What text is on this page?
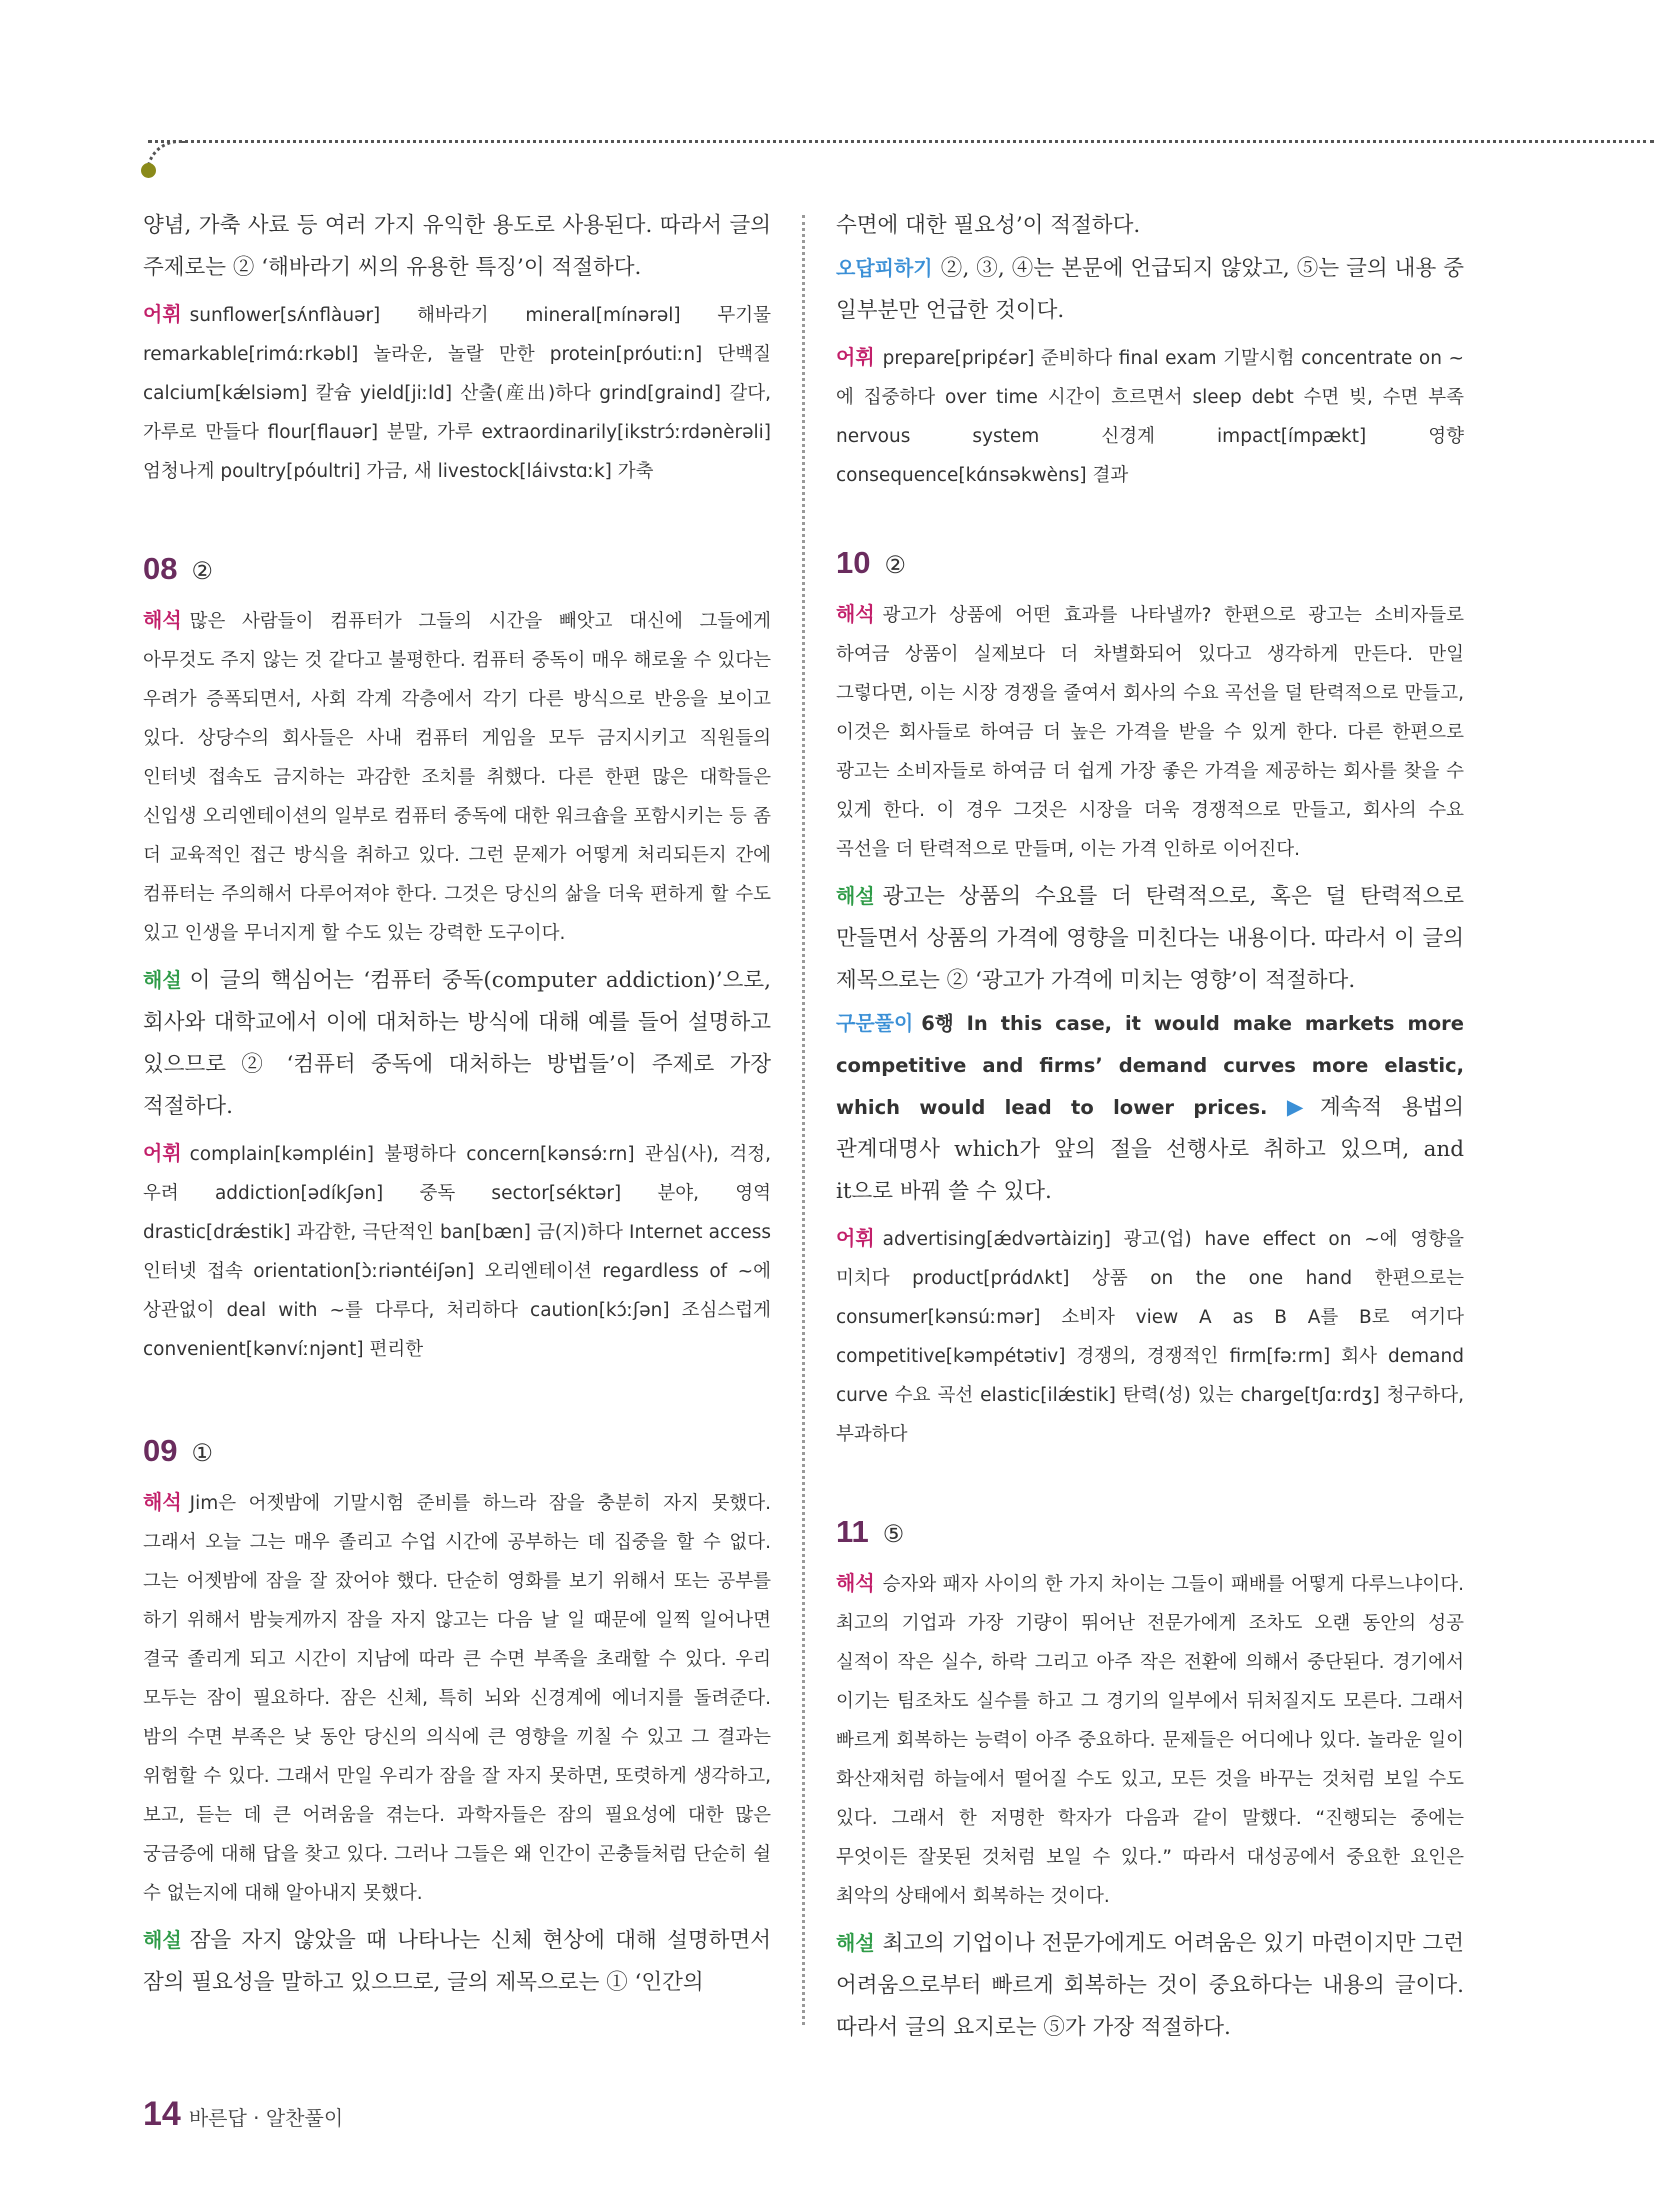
양념, 가축 사료 등 여러 가지 유익한 용도로 사용된다. 따라서 글의 주제로는 ② ‘해바라기 씨의 유용한 특징’이 적절하다.

어휘 sunflower[sʌ́nflàuər] 해바라기 mineral[mínərəl] 무기물 remarkable[rimɑ́ːrkəbl] 놀라운, 놀랄 만한 protein[próutiːn] 단백질 calcium[kǽlsiəm] 칼슘 yield[jiːld] 산출(産出)하다 grind[graind] 갈다, 가루로 만들다 flour[flauər] 분말, 가루 extraordinarily[ikstrɔ́ːrdənèrəli] 엄청나게 poultry[póultri] 가금, 새 livestock[láivstɑːk] 가축

08 ②

해석 많은 사람들이 컴퓨터가 그들의 시간을 빼앗고 대신에 그들에게 아무것도 주지 않는 것 같다고 불평한다. 컴퓨터 중독이 매우 해로울 수 있다는 우려가 증폭되면서, 사회 각계 각층에서 각기 다른 방식으로 반응을 보이고 있다. 상당수의 회사들은 사내 컴퓨터 게임을 모두 금지시키고 직원들의 인터넷 접속도 금지하는 과감한 조치를 취했다. 다른 한편 많은 대학들은 신입생 오리엔테이션의 일부로 컴퓨터 중독에 대한 워크숍을 포함시키는 등 좀 더 교육적인 접근 방식을 취하고 있다. 그런 문제가 어떻게 처리되든지 간에 컴퓨터는 주의해서 다루어져야 한다. 그것은 당신의 삶을 더욱 편하게 할 수도 있고 인생을 무너지게 할 수도 있는 강력한 도구이다.

해설 이 글의 핵심어는 ‘컴퓨터 중독(computer addiction)’으로, 회사와 대학교에서 이에 대처하는 방식에 대해 예를 들어 설명하고 있으므로 ② ‘컴퓨터 중독에 대처하는 방법들’이 주제로 가장 적절하다.

어휘 complain[kəmpléin] 불평하다 concern[kənsə́ːrn] 관심(사), 걱정, 우려 addiction[ədíkʃən] 중독 sector[séktər] 분야, 영역 drastic[drǽstik] 과감한, 극단적인 ban[bæn] 금(지)하다 Internet access 인터넷 접속 orientation[ɔ̀ːriəntéiʃən] 오리엔테이션 regardless of ~에 상관없이 deal with ~를 다루다, 처리하다 caution[kɔ́ːʃən] 조심스럽게 convenient[kənvíːnjənt] 편리한

09 ①

해석 Jim은 어젯밤에 기말시험 준비를 하느라 잠을 충분히 자지 못했다. 그래서 오늘 그는 매우 졸리고 수업 시간에 공부하는 데 집중을 할 수 없다. 그는 어젯밤에 잠을 잘 잤어야 했다. 단순히 영화를 보기 위해서 또는 공부를 하기 위해서 밤늦게까지 잠을 자지 않고는 다음 날 일 때문에 일찍 일어나면 결국 졸리게 되고 시간이 지남에 따라 큰 수면 부족을 초래할 수 있다. 우리 모두는 잠이 필요하다. 잠은 신체, 특히 뇌와 신경계에 에너지를 돌려준다. 밤의 수면 부족은 낮 동안 당신의 의식에 큰 영향을 끼칠 수 있고 그 결과는 위험할 수 있다. 그래서 만일 우리가 잠을 잘 자지 못하면, 또렷하게 생각하고, 보고, 듣는 데 큰 어려움을 겪는다. 과학자들은 잠의 필요성에 대한 많은 궁금증에 대해 답을 찾고 있다. 그러나 그들은 왜 인간이 곤충들처럼 단순히 쉴 수 없는지에 대해 알아내지 못했다.

해설 잠을 자지 않았을 때 나타나는 신체 현상에 대해 설명하면서 잠의 필요성을 말하고 있으므로, 글의 제목으로는 ① ‘인간의

수면에 대한 필요성’이 적절하다.

오답피하기 ②, ③, ④는 본문에 언급되지 않았고, ⑤는 글의 내용 중 일부분만 언급한 것이다.

어휘 prepare[pripέər] 준비하다 final exam 기말시험 concentrate on ~에 집중하다 over time 시간이 흐르면서 sleep debt 수면 빚, 수면 부족 nervous system 신경계 impact[ímpækt] 영향 consequence[kɑ́nsəkwèns] 결과

10 ②

해석 광고가 상품에 어떤 효과를 나타낼까? 한편으로 광고는 소비자들로 하여금 상품이 실제보다 더 차별화되어 있다고 생각하게 만든다. 만일 그렇다면, 이는 시장 경쟁을 줄여서 회사의 수요 곡선을 덜 탄력적으로 만들고, 이것은 회사들로 하여금 더 높은 가격을 받을 수 있게 한다. 다른 한편으로 광고는 소비자들로 하여금 더 쉽게 가장 좋은 가격을 제공하는 회사를 찾을 수 있게 한다. 이 경우 그것은 시장을 더욱 경쟁적으로 만들고, 회사의 수요 곡선을 더 탄력적으로 만들며, 이는 가격 인하로 이어진다.

해설 광고는 상품의 수요를 더 탄력적으로, 혹은 덜 탄력적으로 만들면서 상품의 가격에 영향을 미친다는 내용이다. 따라서 이 글의 제목으로는 ② ‘광고가 가격에 미치는 영향’이 적절하다.

구문풀이 6행 In this case, it would make markets more competitive and firms’ demand curves more elastic, which would lead to lower prices. ▶ 계속적 용법의 관계대명사 which가 앞의 절을 선행사로 취하고 있으며, and it으로 바꿔 쓸 수 있다.

어휘 advertising[ǽdvərtàiziŋ] 광고(업) have effect on ~에 영향을 미치다 product[prɑ́dʌkt] 상품 on the one hand 한편으로는 consumer[kənsúːmər] 소비자 view A as B A를 B로 여기다 competitive[kəmpétətiv] 경쟁의, 경쟁적인 firm[fəːrm] 회사 demand curve 수요 곡선 elastic[ilǽstik] 탄력(성) 있는 charge[tʃɑːrdʒ] 청구하다, 부과하다

11 ⑤

해석 승자와 패자 사이의 한 가지 차이는 그들이 패배를 어떻게 다루느냐이다. 최고의 기업과 가장 기량이 뛰어난 전문가에게 조차도 오랜 동안의 성공 실적이 작은 실수, 하락 그리고 아주 작은 전환에 의해서 중단된다. 경기에서 이기는 팀조차도 실수를 하고 그 경기의 일부에서 뒤처질지도 모른다. 그래서 빠르게 회복하는 능력이 아주 중요하다. 문제들은 어디에나 있다. 놀라운 일이 화산재처럼 하늘에서 떨어질 수도 있고, 모든 것을 바꾸는 것처럼 보일 수도 있다. 그래서 한 저명한 학자가 다음과 같이 말했다. “진행되는 중에는 무엇이든 잘못된 것처럼 보일 수 있다.” 따라서 대성공에서 중요한 요인은 최악의 상태에서 회복하는 것이다.

해설 최고의 기업이나 전문가에게도 어려움은 있기 마련이지만 그런 어려움으로부터 빠르게 회복하는 것이 중요하다는 내용의 글이다. 따라서 글의 요지로는 ⑤가 가장 적절하다.

14 바른답 · 알찬풀이
